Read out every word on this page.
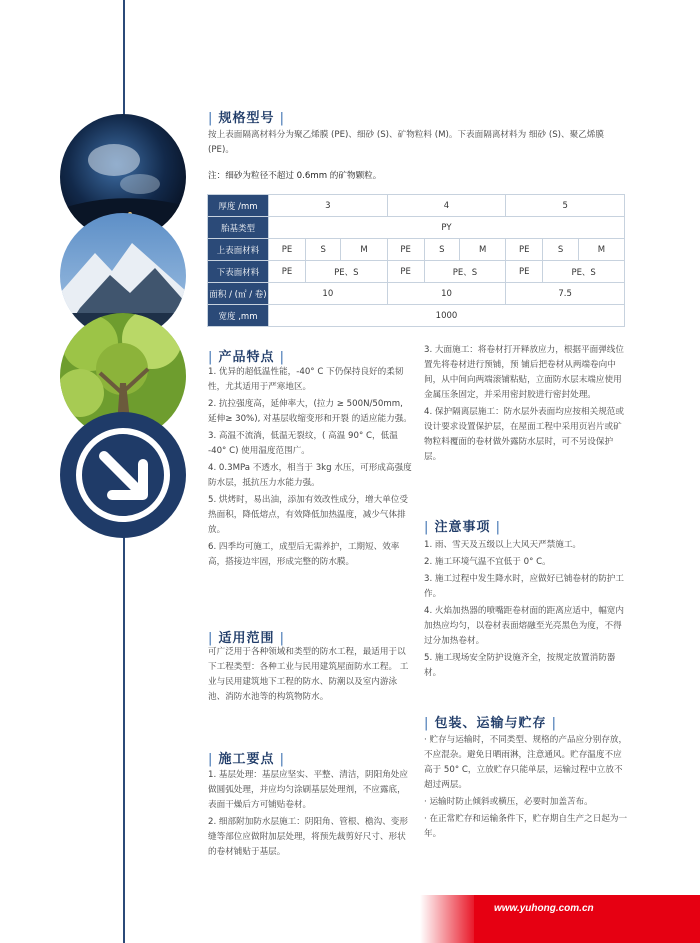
| 规格型号 |
按上表面隔离材料分为聚乙烯膜 (PE)、细砂 (S)、矿物粒料 (M)。下表面隔离材料为 细砂 (S)、聚乙烯膜 (PE)。
注：细砂为粒径不超过 0.6mm 的矿物颗粒。
厚度 /mm	3			4			5		
胎基类型	PY								
上表面材料	PE	S	M	PE	S	M	PE	S	M
下表面材料	PE	PE、S		PE	PE、S		PE	PE、S	
面积 / (㎡ / 卷)	10			10			7.5		
宽度 ,mm	1000								
| 产品特点 |
1. 优异的超低温性能，-40° C 下仍保持良好的柔韧性，尤其适用于严寒地区。
2. 抗拉强度高，延伸率大，(拉力 ≥ 500N/50mm, 延伸≥ 30%), 对基层收缩变形和开裂 的适应能力强。
3. 高温不流淌，低温无裂纹，( 高温 90° C，低温 -40° C) 使用温度范围广。
4. 0.3MPa 不透水，相当于 3kg 水压，可形成高强度防水层，抵抗压力水能力强。
5. 烘烤时，易出油，添加有效改性成分，增大单位受热面积，降低熔点，有效降低加热温度，减少气体排放。
6. 四季均可施工，成型后无需养护，工期短、效率高，搭接边牢固，形成完整的防水膜。
| 适用范围 |
可广泛用于各种领域和类型的防水工程，最适用于以下工程类型：各种工业与民用建筑屋面防水工程。 工业与民用建筑地下工程的防水、防潮以及室内游泳池、消防水池等的构筑物防水。
| 施工要点 |
1. 基层处理：基层应坚实、平整、清洁，阴阳角处应做圆弧处理，并应均匀涂刷基层处理剂，不应露底，表面干燥后方可铺贴卷材。
2. 细部附加防水层施工：阴阳角、管根、檐沟、变形缝等部位应做附加层处理，将预先裁剪好尺寸、形状的卷材铺贴于基层。
3. 大面施工：将卷材打开释放应力，根据平面弹线位置先将卷材进行预铺，预 铺后把卷材从两端卷向中间，从中间向两端滚铺粘贴，立面防水层末端应使用金属压条固定，并采用密封胶进行密封处理。
4. 保护隔离层施工：防水层外表面均应按相关规范或设计要求设置保护层，在屋面工程中采用页岩片或矿物粒料覆面的卷材做外露防水层时，可不另设保护层。
| 注意事项 |
1. 雨、雪天及五级以上大风天严禁施工。
2. 施工环境气温不宜低于 0° C。
3. 施工过程中发生降水时，应做好已铺卷材的防护工作。
4. 火焰加热器的喷嘴距卷材面的距离应适中，幅宽内加热应均匀，以卷材表面熔融至光亮黑色为度，不得过分加热卷材。
5. 施工现场安全防护设施齐全，按规定放置消防器材。
| 包装、运输与贮存 |
· 贮存与运输时，不同类型、规格的产品应分别存放，不应混杂。避免日晒雨淋，注意通风。贮存温度不应高于 50° C，立放贮存只能单层，运输过程中立放不超过两层。
· 运输时防止倾斜或横压，必要时加盖苫布。
· 在正常贮存和运输条件下，贮存期自生产之日起为一年。
www.yuhong.com.cn
